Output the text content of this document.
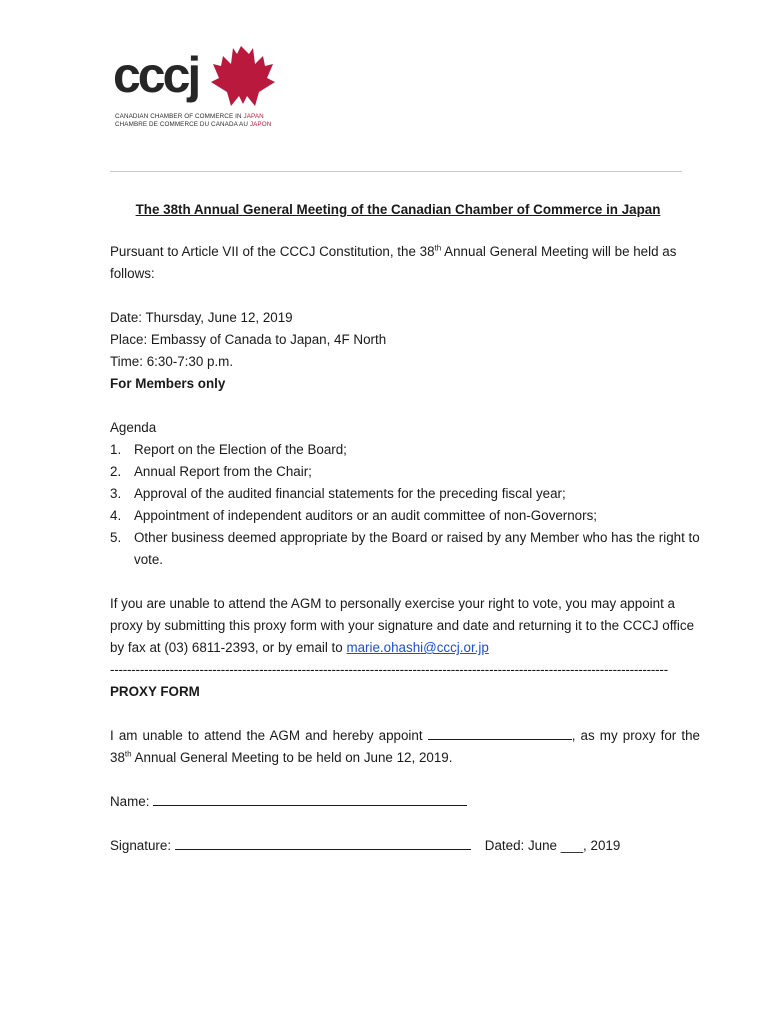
cccj
CANADIAN CHAMBER OF COMMERCE IN JAPAN
CHAMBRE DE COMMERCE DU CANADA AU JAPON

The 38th Annual General Meeting of the Canadian Chamber of Commerce in Japan

Pursuant to Article VII of the CCCJ Constitution, the 38th Annual General Meeting will be held as follows:

Date: Thursday, June 12, 2019

Place: Embassy of Canada to Japan, 4F North

Time: 6:30-7:30 p.m.

For Members only

Agenda

1. Report on the Election of the Board;
2. Annual Report from the Chair;
3. Approval of the audited financial statements for the preceding fiscal year;
4. Appointment of independent auditors or an audit committee of non-Governors;
5. Other business deemed appropriate by the Board or raised by any Member who has the right to vote.

If you are unable to attend the AGM to personally exercise your right to vote, you may appoint a proxy by submitting this proxy form with your signature and date and returning it to the CCCJ office by fax at (03) 6811-2393, or by email to marie.ohashi@cccj.or.jp

-----------------------------------------------------------------------------------------------------------------------------------

PROXY FORM

I am unable to attend the AGM and hereby appoint	, as my proxy for the 38th Annual General Meeting to be held on June 12, 2019.

Name:

Signature:	Dated: June ___, 2019
